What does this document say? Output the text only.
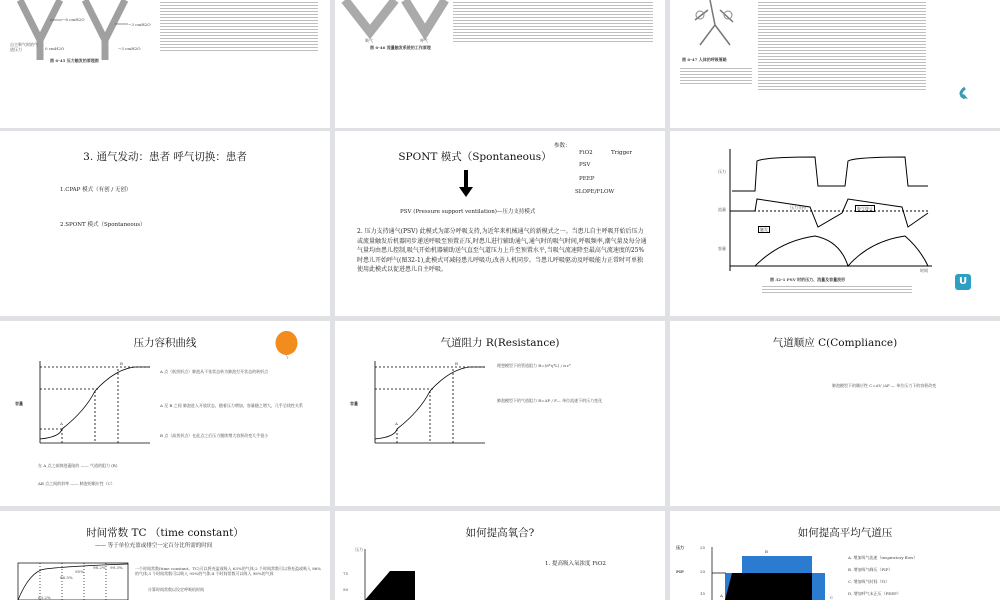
−8 cmH2O
−3 cmH2O
0 cmH2O
自主吸气时的气道压力	−3 cmH2O
图 6-45 压力触发的原理图
吸气	呼气
图 6-46 流量触发系统的工作原理
图 6-47 人体的呼吸管路
3. 通气发动：患者 呼气切换：患者
1.CPAP 模式（有创 / 无创）
2.SPONT 模式（Spontaneous）
SPONT 模式（Spontaneous）
参数：
FiO2	Trigger
PSV
PEEP
SLOPE/FLOW
PSV (Pressure support ventilation)—压力支持模式
2. 压力支持通气(PSV) 此模式为部分呼吸支持,为近年来机械通气的新模式之一。当患儿自主呼吸开始后压力或流量触发后机器同步递送呼吸至预置正压,时患儿进行辅助通气,通气时的吸气时间,呼吸频率,潮气量及每分通气量均由患儿控制,吸气开始机器辅助送气直至气道压力上升至预置水平,当吸气流速降至最高气流速度的25%时患儿开始呼气(图32-1),此模式可减轻患儿呼吸功,改善人机同步。当患儿呼吸驱动及呼吸能力正常时可单独使用此模式以促进患儿自主呼吸。
压力
流量
容量
触发
压力支持	吸气终止
时间
图 32-1 PSV 时的压力、流量及容量波形	U
压力容积曲线
容量
A
B
A 点（低拐折点）肺泡从不张状态转为肺泡打开状态的转折点
A 至 B 之间 肺泡进入开放状态，随着压力增加，容量随之增大，几乎呈线性关系
B 点（高拐折点）在此点之后压力继续增大容积改变几乎很小
在 A 点之前肺泡萎陷的 —— 气道的阻力 (R)
AB 点之间的斜率 —— 肺泡的顺应性（C）
气道阻力 R(Resistance)
容量
A
B	理想模型下的管道阻力 R=(8*η*L) / π r⁴
肺泡模型下的气道阻力 R=ΔP / F— 单位流速下的压力变化
气道顺应 C(Compliance)
肺泡模型下的顺应性 C=ΔV /ΔP — 单位压力下的容积改变
时间常数 TC （time constant）
—— 等于单位充盈或排空一定百分比所需的时间
99.3%
98.2%
95%
86.5%
63.2%
一个时间常数(time constant，TC)可以将充盈或吸入 63%的气体;2 个时间常数可以将充盈或吸入 86%的气体;3 个时间常数可以吸入 95%的气体;4 个时间常数可以吸入 98%的气体
计算时间常数以设定呼吸机时间
如何提高氧合?
压力
75
50
1. 提高吸入氧浓度 FiO2
如何提高平均气道压
压力	25
PIP	20
15
B
A	C
A. 增加吸气流速（inspiratory flow）
B. 增加吸气峰压（PIP）
C. 增加吸气时间（Ti）
D. 增加呼气末正压（PEEP）
